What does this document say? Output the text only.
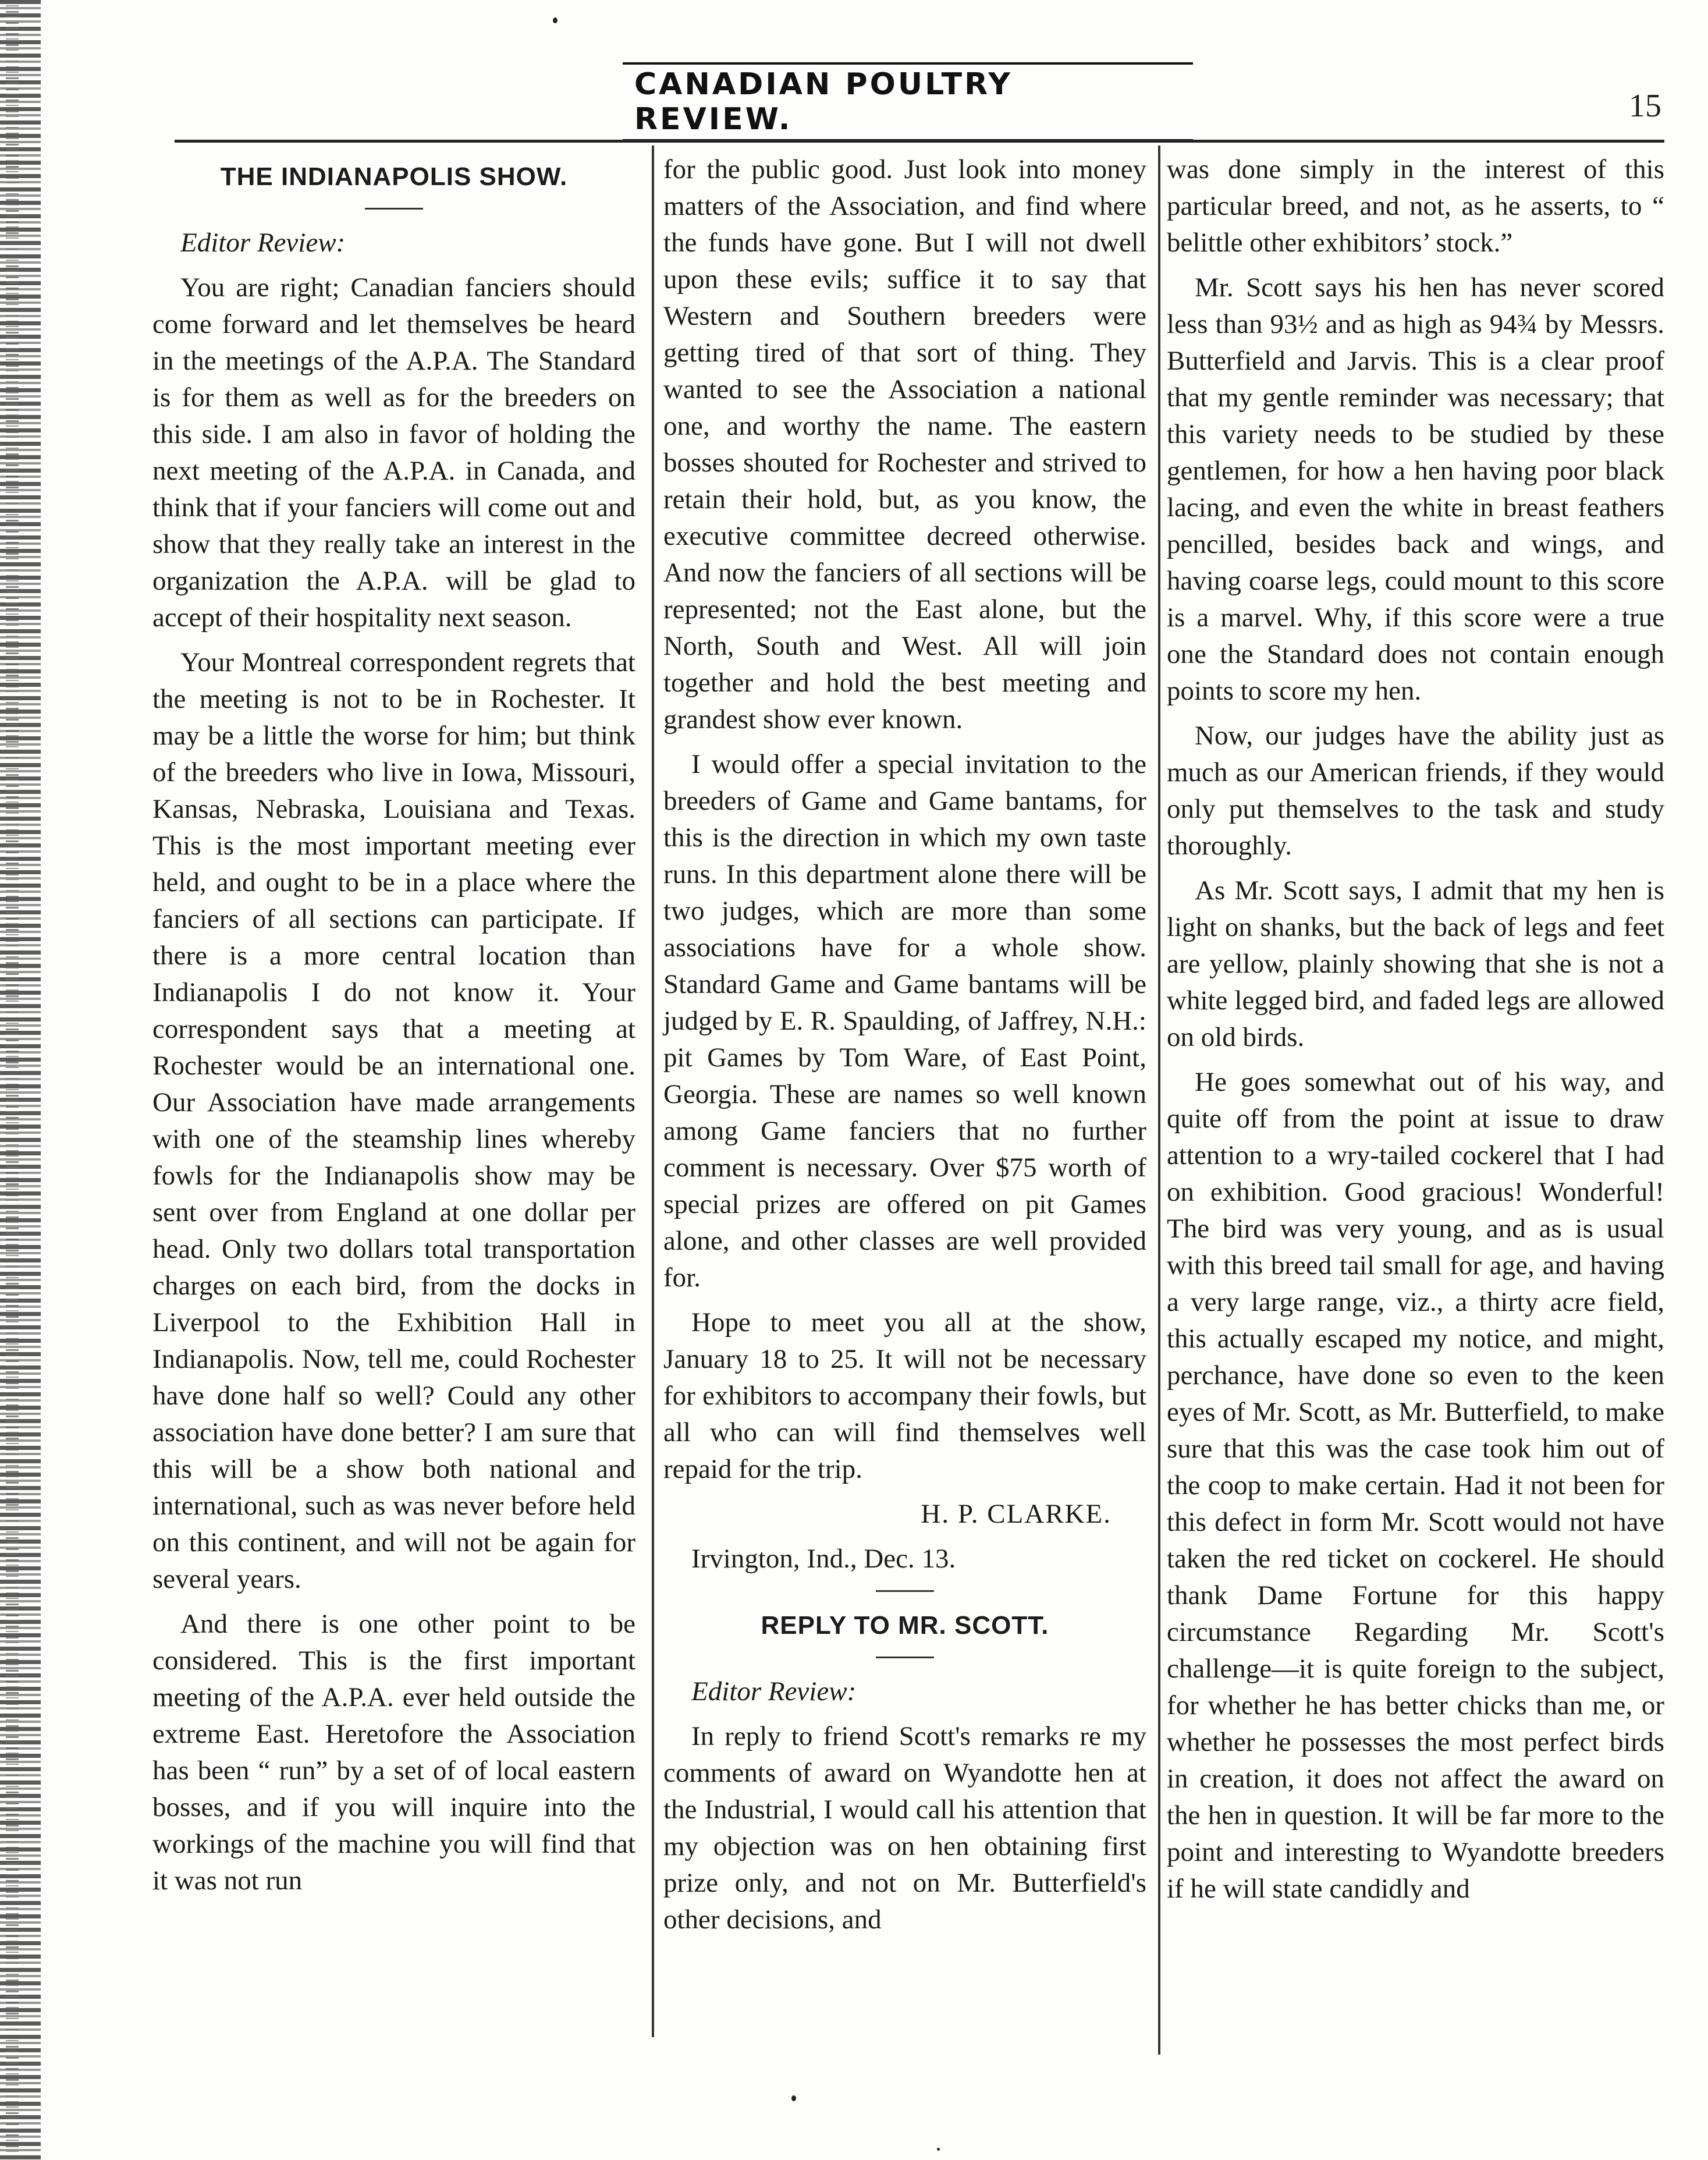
CANADIAN POULTRY REVIEW.	15
THE INDIANAPOLIS SHOW.

Editor Review:

You are right; Canadian fanciers should come forward and let themselves be heard in the meetings of the A.P.A. The Standard is for them as well as for the breeders on this side. I am also in favor of holding the next meeting of the A.P.A. in Canada, and think that if your fanciers will come out and show that they really take an interest in the organization the A.P.A. will be glad to accept of their hospitality next season.

Your Montreal correspondent regrets that the meeting is not to be in Rochester. It may be a little the worse for him; but think of the breeders who live in Iowa, Missouri, Kansas, Nebraska, Louisiana and Texas. This is the most important meeting ever held, and ought to be in a place where the fanciers of all sections can participate. If there is a more central location than Indianapolis I do not know it. Your correspondent says that a meeting at Rochester would be an international one. Our Association have made arrangements with one of the steamship lines whereby fowls for the Indianapolis show may be sent over from England at one dollar per head. Only two dollars total transportation charges on each bird, from the docks in Liverpool to the Exhibition Hall in Indianapolis. Now, tell me, could Rochester have done half so well? Could any other association have done better? I am sure that this will be a show both national and international, such as was never before held on this continent, and will not be again for several years.

And there is one other point to be considered. This is the first important meeting of the A.P.A. ever held outside the extreme East. Heretofore the Association has been “ run” by a set of of local eastern bosses, and if you will inquire into the workings of the machine you will find that it was not run

for the public good. Just look into money matters of the Association, and find where the funds have gone. But I will not dwell upon these evils; suffice it to say that Western and Southern breeders were getting tired of that sort of thing. They wanted to see the Association a national one, and worthy the name. The eastern bosses shouted for Rochester and strived to retain their hold, but, as you know, the executive committee decreed otherwise. And now the fanciers of all sections will be represented; not the East alone, but the North, South and West. All will join together and hold the best meeting and grandest show ever known.

I would offer a special invitation to the breeders of Game and Game bantams, for this is the direction in which my own taste runs. In this department alone there will be two judges, which are more than some associations have for a whole show. Standard Game and Game bantams will be judged by E. R. Spaulding, of Jaffrey, N.H.: pit Games by Tom Ware, of East Point, Georgia. These are names so well known among Game fanciers that no further comment is necessary. Over $75 worth of special prizes are offered on pit Games alone, and other classes are well provided for.

Hope to meet you all at the show, January 18 to 25. It will not be necessary for exhibitors to accompany their fowls, but all who can will find themselves well repaid for the trip.

H. P. CLARKE.

Irvington, Ind., Dec. 13.

REPLY TO MR. SCOTT.

Editor Review:

In reply to friend Scott's remarks re my comments of award on Wyandotte hen at the Industrial, I would call his attention that my objection was on hen obtaining first prize only, and not on Mr. Butterfield's other decisions, and

was done simply in the interest of this particular breed, and not, as he asserts, to “ belittle other exhibitors’ stock.”

Mr. Scott says his hen has never scored less than 93½ and as high as 94¾ by Messrs. Butterfield and Jarvis. This is a clear proof that my gentle reminder was necessary; that this variety needs to be studied by these gentlemen, for how a hen having poor black lacing, and even the white in breast feathers pencilled, besides back and wings, and having coarse legs, could mount to this score is a marvel. Why, if this score were a true one the Standard does not contain enough points to score my hen.

Now, our judges have the ability just as much as our American friends, if they would only put themselves to the task and study thoroughly.

As Mr. Scott says, I admit that my hen is light on shanks, but the back of legs and feet are yellow, plainly showing that she is not a white legged bird, and faded legs are allowed on old birds.

He goes somewhat out of his way, and quite off from the point at issue to draw attention to a wry-tailed cockerel that I had on exhibition. Good gracious! Wonderful! The bird was very young, and as is usual with this breed tail small for age, and having a very large range, viz., a thirty acre field, this actually escaped my notice, and might, perchance, have done so even to the keen eyes of Mr. Scott, as Mr. Butterfield, to make sure that this was the case took him out of the coop to make certain. Had it not been for this defect in form Mr. Scott would not have taken the red ticket on cockerel. He should thank Dame Fortune for this happy circumstance Regarding Mr. Scott's challenge—it is quite foreign to the subject, for whether he has better chicks than me, or whether he possesses the most perfect birds in creation, it does not affect the award on the hen in question. It will be far more to the point and interesting to Wyandotte breeders if he will state candidly and
